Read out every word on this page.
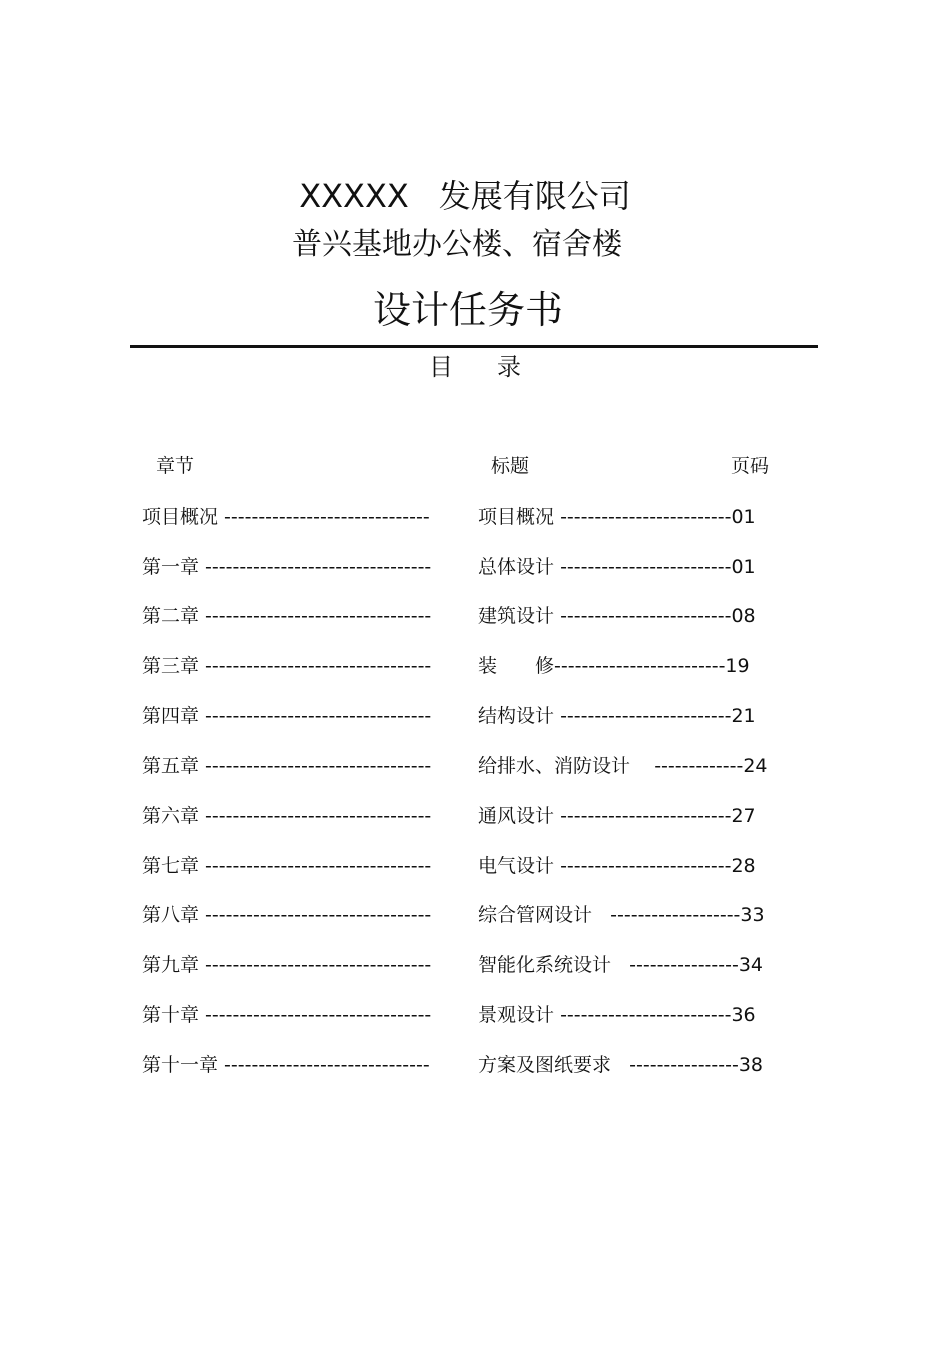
XXXXX 发展有限公司
普兴基地办公楼、宿舍楼
设计任务书
目 录
章节	标题	页码
项目概况 ------------------------------	项目概况 -------------------------01
第一章 --------------------------------- 总体设计 -------------------------01
第二章 --------------------------------- 建筑设计 -------------------------08
第三章 --------------------------------- 装 修-------------------------19
第四章 --------------------------------- 结构设计 -------------------------21
第五章 --------------------------------- 给排水、消防设计 -------------24
第六章 --------------------------------- 通风设计 -------------------------27
第七章 --------------------------------- 电气设计 -------------------------28
第八章 --------------------------------- 综合管网设计 -------------------33
第九章 --------------------------------- 智能化系统设计 ----------------34
第十章 --------------------------------- 景观设计 -------------------------36
第十一章 ------------------------------	方案及图纸要求 ----------------38
